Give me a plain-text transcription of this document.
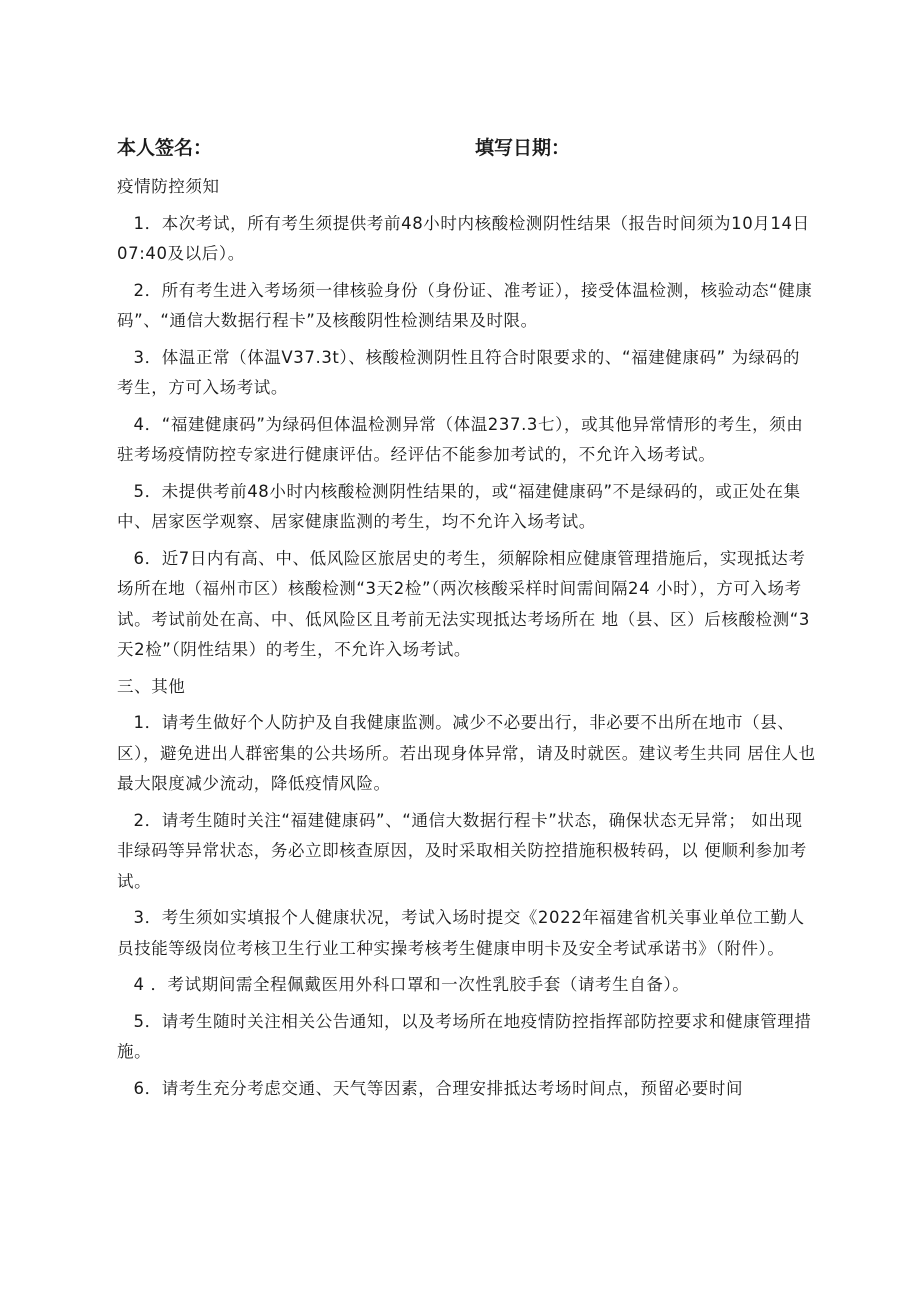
本人签名：	填写日期：
疫情防控须知
1．本次考试，所有考生须提供考前48小时内核酸检测阴性结果（报告时间须为10月14日07:40及以后）。
2．所有考生进入考场须一律核验身份（身份证、准考证），接受体温检测，核验动态“健康码”、“通信大数据行程卡”及核酸阴性检测结果及时限。
3．体温正常（体温V37.3t）、核酸检测阴性且符合时限要求的、“福建健康码” 为绿码的考生，方可入场考试。
4．“福建健康码”为绿码但体温检测异常（体温237.3七），或其他异常情形的考生，须由驻考场疫情防控专家进行健康评估。经评估不能参加考试的，不允许入场考试。
5．未提供考前48小时内核酸检测阴性结果的，或“福建健康码”不是绿码的，或正处在集中、居家医学观察、居家健康监测的考生，均不允许入场考试。
6．近7日内有高、中、低风险区旅居史的考生，须解除相应健康管理措施后，实现抵达考场所在地（福州市区）核酸检测“3天2检”（两次核酸采样时间需间隔24 小时），方可入场考试。考试前处在高、中、低风险区且考前无法实现抵达考场所在 地（县、区）后核酸检测“3天2检”（阴性结果）的考生，不允许入场考试。
三、其他
1．请考生做好个人防护及自我健康监测。减少不必要出行，非必要不出所在地市（县、 区），避免进出人群密集的公共场所。若出现身体异常，请及时就医。建议考生共同 居住人也最大限度减少流动，降低疫情风险。
2．请考生随时关注“福建健康码”、“通信大数据行程卡”状态，确保状态无异常； 如出现非绿码等异常状态，务必立即核查原因，及时采取相关防控措施积极转码，以 便顺利参加考试。
3．考生须如实填报个人健康状况，考试入场时提交《2022年福建省机关事业单位工勤人员技能等级岗位考核卫生行业工种实操考核考生健康申明卡及安全考试承诺书》（附件）。
4 ．考试期间需全程佩戴医用外科口罩和一次性乳胶手套（请考生自备）。
5．请考生随时关注相关公告通知，以及考场所在地疫情防控指挥部防控要求和健康管理措施。
6．请考生充分考虑交通、天气等因素，合理安排抵达考场时间点，预留必要时间
